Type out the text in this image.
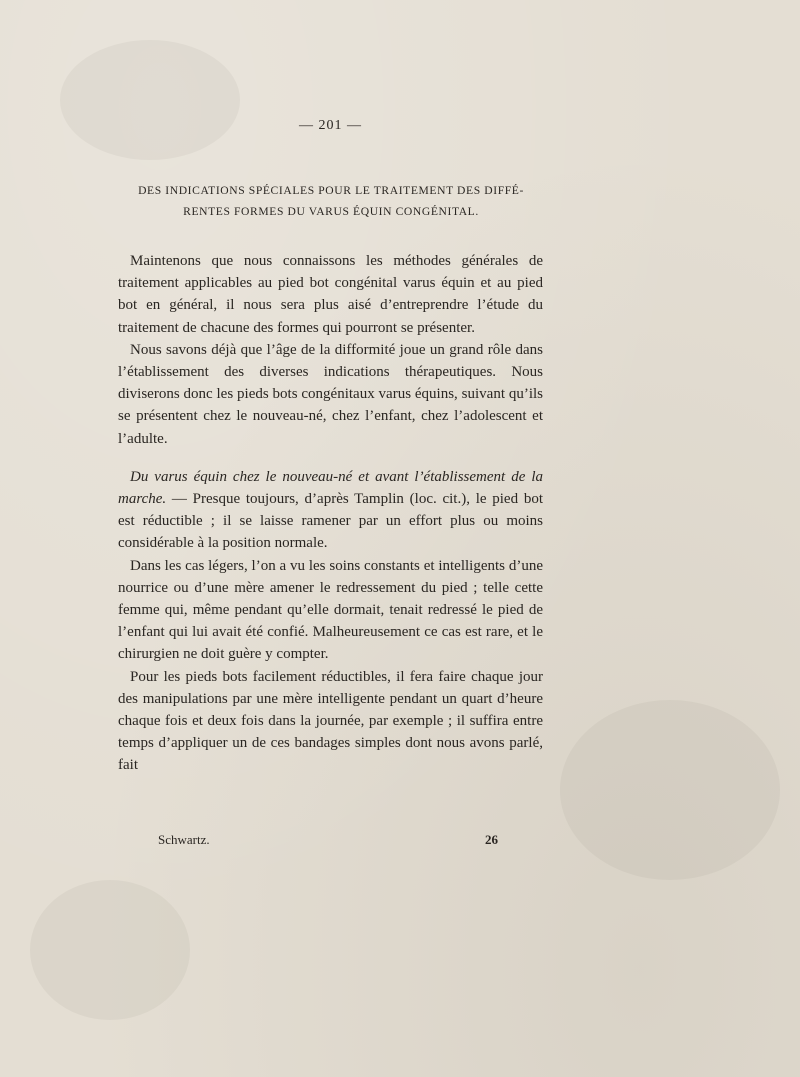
— 201 —
DES INDICATIONS SPÉCIALES POUR LE TRAITEMENT DES DIFFÉ-
RENTES FORMES DU VARUS ÉQUIN CONGÉNITAL.

Maintenons que nous connaissons les méthodes générales de traitement applicables au pied bot congénital varus équin et au pied bot en général, il nous sera plus aisé d’entreprendre l’étude du traitement de chacune des formes qui pourront se présenter.

Nous savons déjà que l’âge de la difformité joue un grand rôle dans l’établissement des diverses indications thérapeutiques. Nous diviserons donc les pieds bots congénitaux varus équins, suivant qu’ils se présentent chez le nouveau-né, chez l’enfant, chez l’adolescent et l’adulte.

Du varus équin chez le nouveau-né et avant l’établissement de la marche. — Presque toujours, d’après Tamplin (loc. cit.), le pied bot est réductible ; il se laisse ramener par un effort plus ou moins considérable à la position normale.

Dans les cas légers, l’on a vu les soins constants et intelligents d’une nourrice ou d’une mère amener le redressement du pied ; telle cette femme qui, même pendant qu’elle dormait, tenait redressé le pied de l’enfant qui lui avait été confié. Malheureusement ce cas est rare, et le chirurgien ne doit guère y compter.

Pour les pieds bots facilement réductibles, il fera faire chaque jour des manipulations par une mère intelligente pendant un quart d’heure chaque fois et deux fois dans la journée, par exemple ; il suffira entre temps d’appliquer un de ces bandages simples dont nous avons parlé, fait

Schwartz.	26
